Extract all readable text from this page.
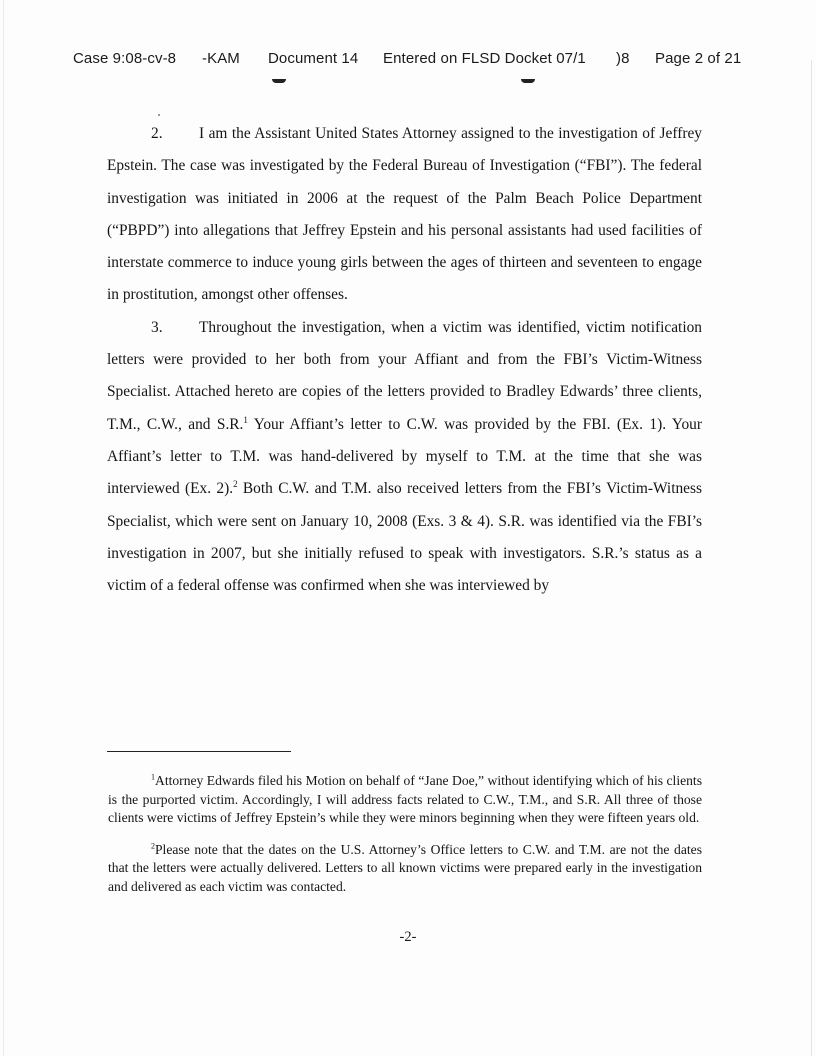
Case 9:08-cv-8 -KAM Document 14 Entered on FLSD Docket 07/1 )8 Page 2 of 21

2. I am the Assistant United States Attorney assigned to the investigation of Jeffrey Epstein. The case was investigated by the Federal Bureau of Investigation (“FBI”). The federal investigation was initiated in 2006 at the request of the Palm Beach Police Department (“PBPD”) into allegations that Jeffrey Epstein and his personal assistants had used facilities of interstate commerce to induce young girls between the ages of thirteen and seventeen to engage in prostitution, amongst other offenses.

3. Throughout the investigation, when a victim was identified, victim notification letters were provided to her both from your Affiant and from the FBI’s Victim-Witness Specialist. Attached hereto are copies of the letters provided to Bradley Edwards’ three clients, T.M., C.W., and S.R.$^1$ Your Affiant’s letter to C.W. was provided by the FBI. (Ex. 1). Your Affiant’s letter to T.M. was hand-delivered by myself to T.M. at the time that she was interviewed (Ex. 2).$^2$ Both C.W. and T.M. also received letters from the FBI’s Victim-Witness Specialist, which were sent on January 10, 2008 (Exs. 3 & 4). S.R. was identified via the FBI’s investigation in 2007, but she initially refused to speak with investigators. S.R.’s status as a victim of a federal offense was confirmed when she was interviewed by

$^1$Attorney Edwards filed his Motion on behalf of “Jane Doe,” without identifying which of his clients is the purported victim. Accordingly, I will address facts related to C.W., T.M., and S.R. All three of those clients were victims of Jeffrey Epstein’s while they were minors beginning when they were fifteen years old.

$^2$Please note that the dates on the U.S. Attorney’s Office letters to C.W. and T.M. are not the dates that the letters were actually delivered. Letters to all known victims were prepared early in the investigation and delivered as each victim was contacted.

-2-
